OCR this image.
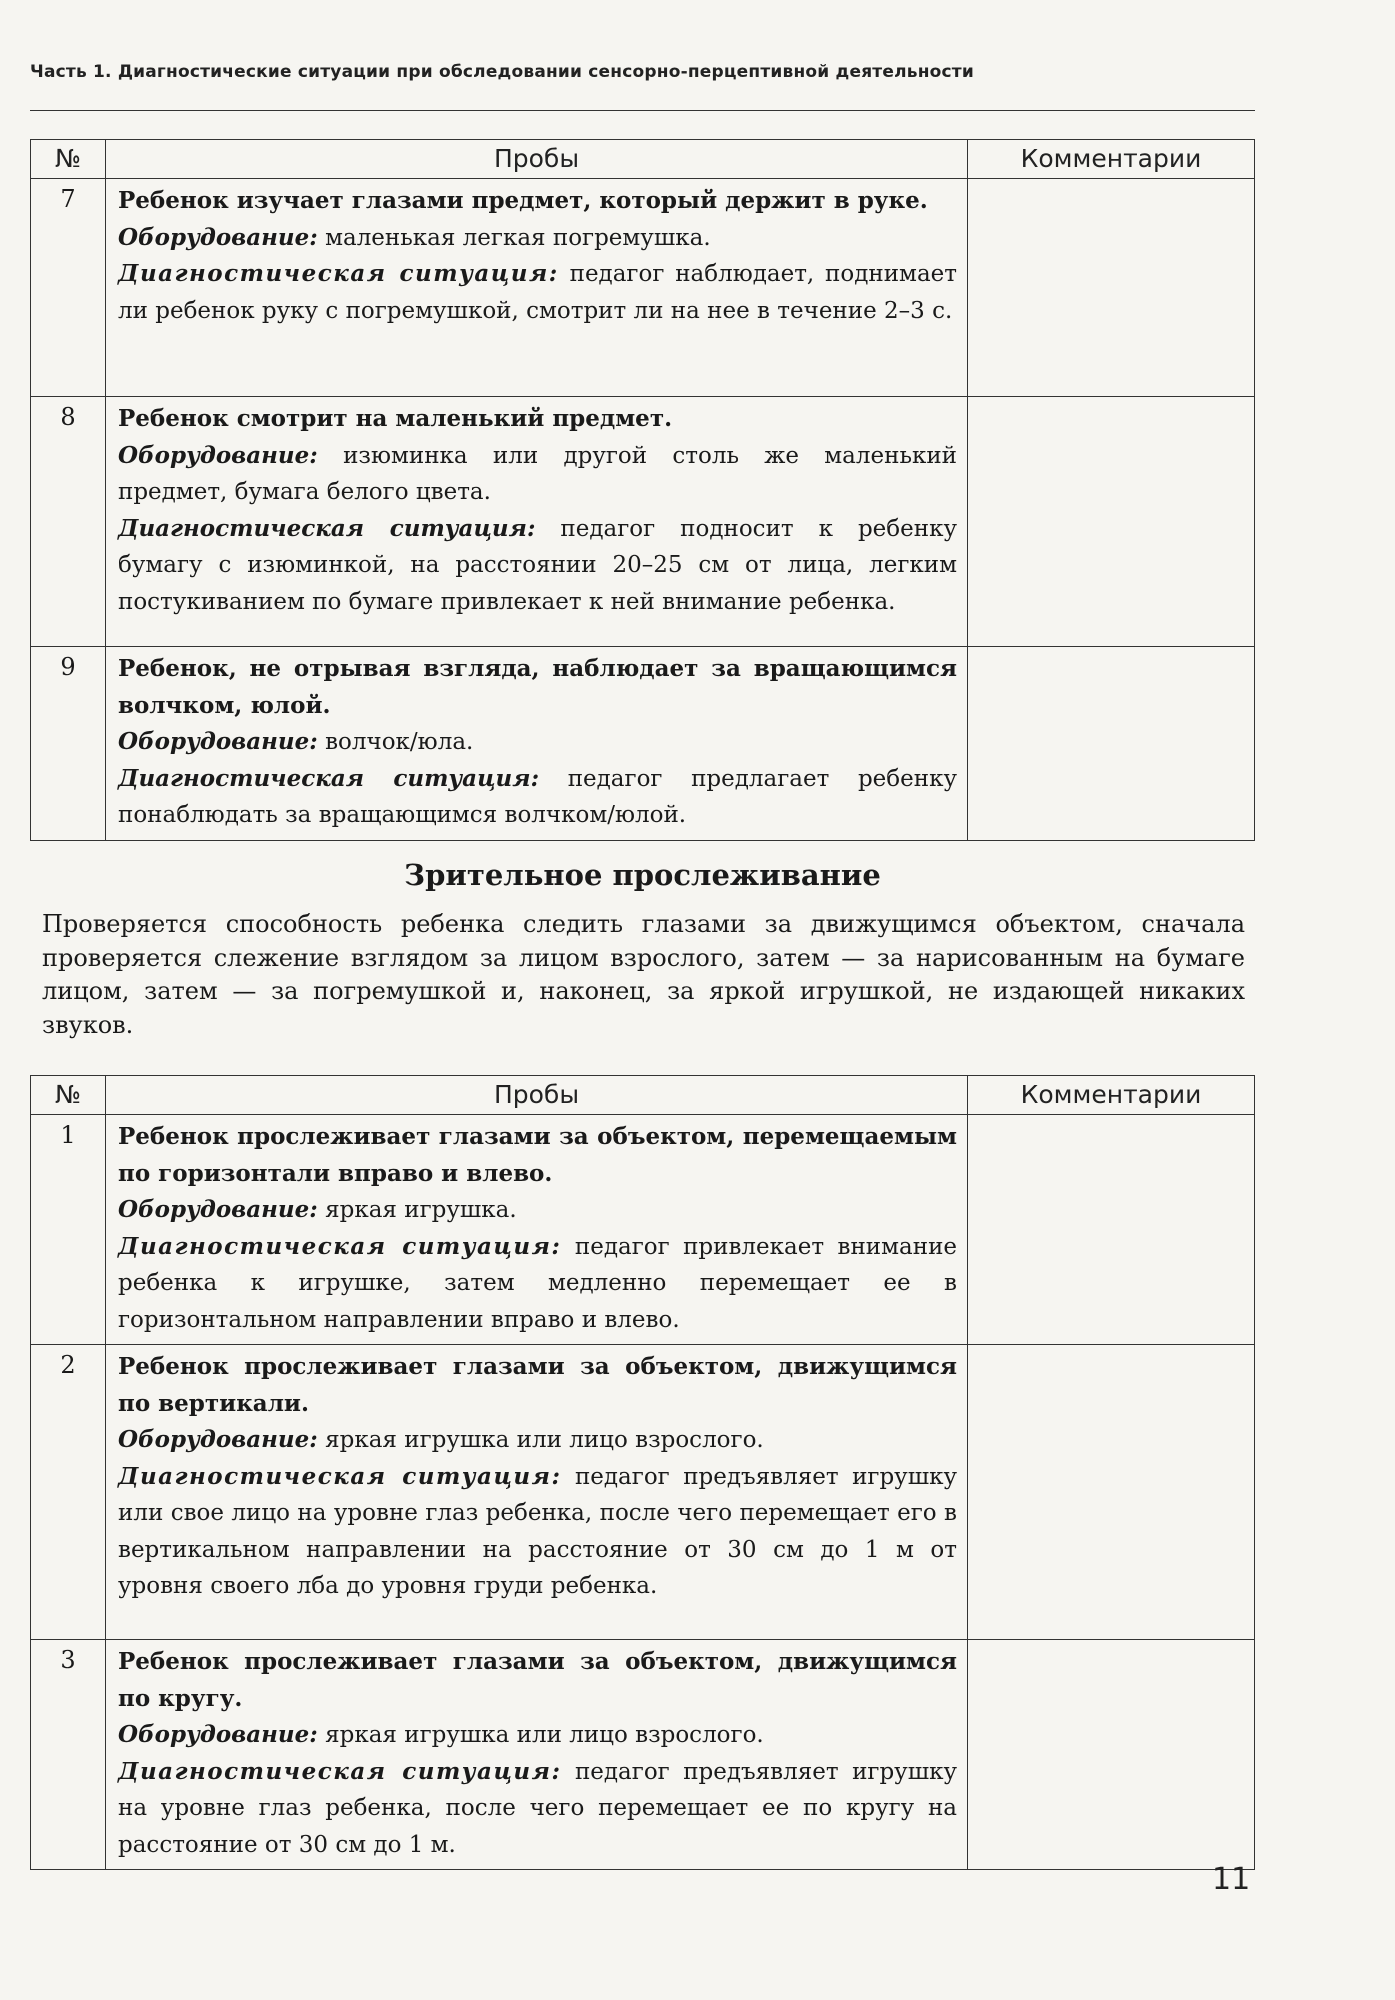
Часть 1. Диагностические ситуации при обследовании сенсорно-перцептивной деятельности
№	Пробы	Комментарии
7	Ребенок изучает глазами предмет, который держит в руке.

Оборудование: маленькая легкая погремушка.

Диагностическая ситуация: педагог наблюдает, поднимает ли ребенок руку с погремушкой, смотрит ли на нее в течение 2–3 с.	

8	Ребенок смотрит на маленький предмет.

Оборудование: изюминка или другой столь же маленький предмет, бумага белого цвета.

Диагностическая ситуация: педагог подносит к ребенку бумагу с изюминкой, на расстоянии 20–25 см от лица, легким постукиванием по бумаге привлекает к ней внимание ребенка.	

9	Ребенок, не отрывая взгляда, наблюдает за вращающимся волчком, юлой.

Оборудование: волчок/юла.

Диагностическая ситуация: педагог предлагает ребенку понаблюдать за вращающимся волчком/юлой.	

Зрительное прослеживание

Проверяется способность ребенка следить глазами за движущимся объектом, сначала проверяется слежение взглядом за лицом взрослого, затем — за нарисованным на бумаге лицом, затем — за погремушкой и, наконец, за яркой игрушкой, не издающей никаких звуков.

№	Пробы	Комментарии
1	Ребенок прослеживает глазами за объектом, перемещаемым по горизонтали вправо и влево.

Оборудование: яркая игрушка.

Диагностическая ситуация: педагог привлекает внимание ребенка к игрушке, затем медленно перемещает ее в горизонтальном направлении вправо и влево.	

2	Ребенок прослеживает глазами за объектом, движущимся по вертикали.

Оборудование: яркая игрушка или лицо взрослого.

Диагностическая ситуация: педагог предъявляет игрушку или свое лицо на уровне глаз ребенка, после чего перемещает его в вертикальном направлении на расстояние от 30 см до 1 м от уровня своего лба до уровня груди ребенка.	

3	Ребенок прослеживает глазами за объектом, движущимся по кругу.

Оборудование: яркая игрушка или лицо взрослого.

Диагностическая ситуация: педагог предъявляет игрушку на уровне глаз ребенка, после чего перемещает ее по кругу на расстояние от 30 см до 1 м.	

11
